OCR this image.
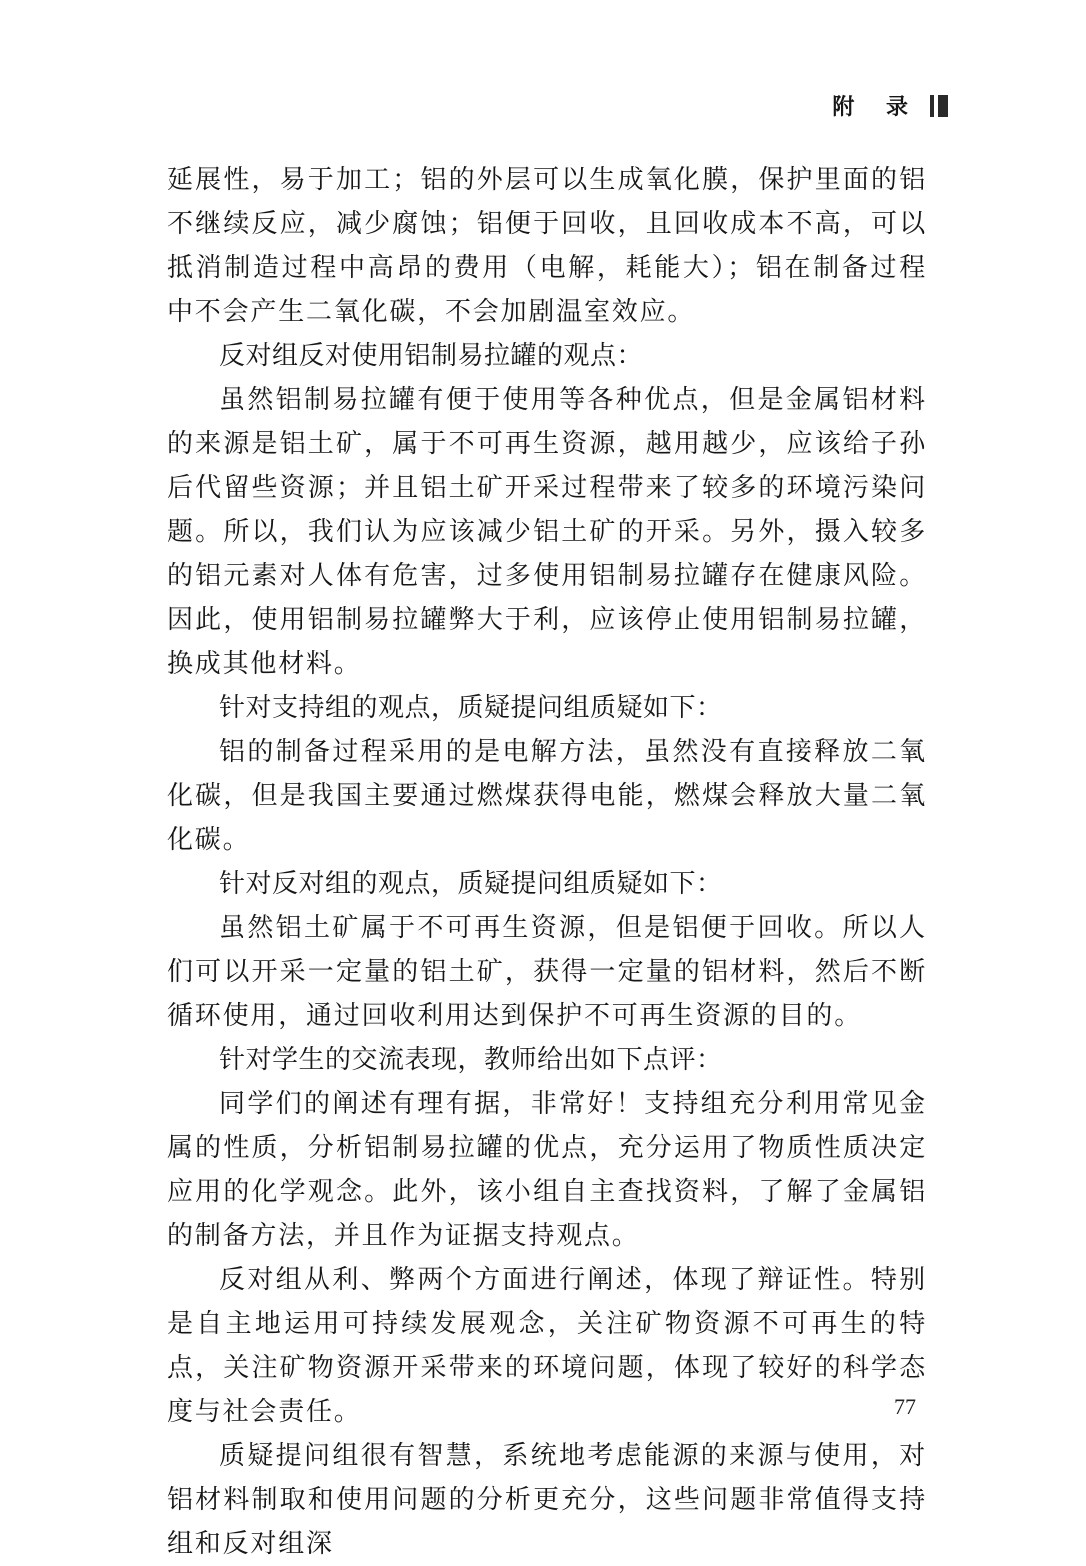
附 录

延展性，易于加工；铝的外层可以生成氧化膜，保护里面的铝不继续反应，减少腐蚀；铝便于回收，且回收成本不高，可以抵消制造过程中高昂的费用（电解，耗能大）；铝在制备过程中不会产生二氧化碳，不会加剧温室效应。

反对组反对使用铝制易拉罐的观点：

虽然铝制易拉罐有便于使用等各种优点，但是金属铝材料的来源是铝土矿，属于不可再生资源，越用越少，应该给子孙后代留些资源；并且铝土矿开采过程带来了较多的环境污染问题。所以，我们认为应该减少铝土矿的开采。另外，摄入较多的铝元素对人体有危害，过多使用铝制易拉罐存在健康风险。因此，使用铝制易拉罐弊大于利，应该停止使用铝制易拉罐，换成其他材料。

针对支持组的观点，质疑提问组质疑如下：

铝的制备过程采用的是电解方法，虽然没有直接释放二氧化碳，但是我国主要通过燃煤获得电能，燃煤会释放大量二氧化碳。

针对反对组的观点，质疑提问组质疑如下：

虽然铝土矿属于不可再生资源，但是铝便于回收。所以人们可以开采一定量的铝土矿，获得一定量的铝材料，然后不断循环使用，通过回收利用达到保护不可再生资源的目的。

针对学生的交流表现，教师给出如下点评：

同学们的阐述有理有据，非常好！支持组充分利用常见金属的性质，分析铝制易拉罐的优点，充分运用了物质性质决定应用的化学观念。此外，该小组自主查找资料，了解了金属铝的制备方法，并且作为证据支持观点。

反对组从利、弊两个方面进行阐述，体现了辩证性。特别是自主地运用可持续发展观念，关注矿物资源不可再生的特点，关注矿物资源开采带来的环境问题，体现了较好的科学态度与社会责任。

质疑提问组很有智慧，系统地考虑能源的来源与使用，对铝材料制取和使用问题的分析更充分，这些问题非常值得支持组和反对组深

77
